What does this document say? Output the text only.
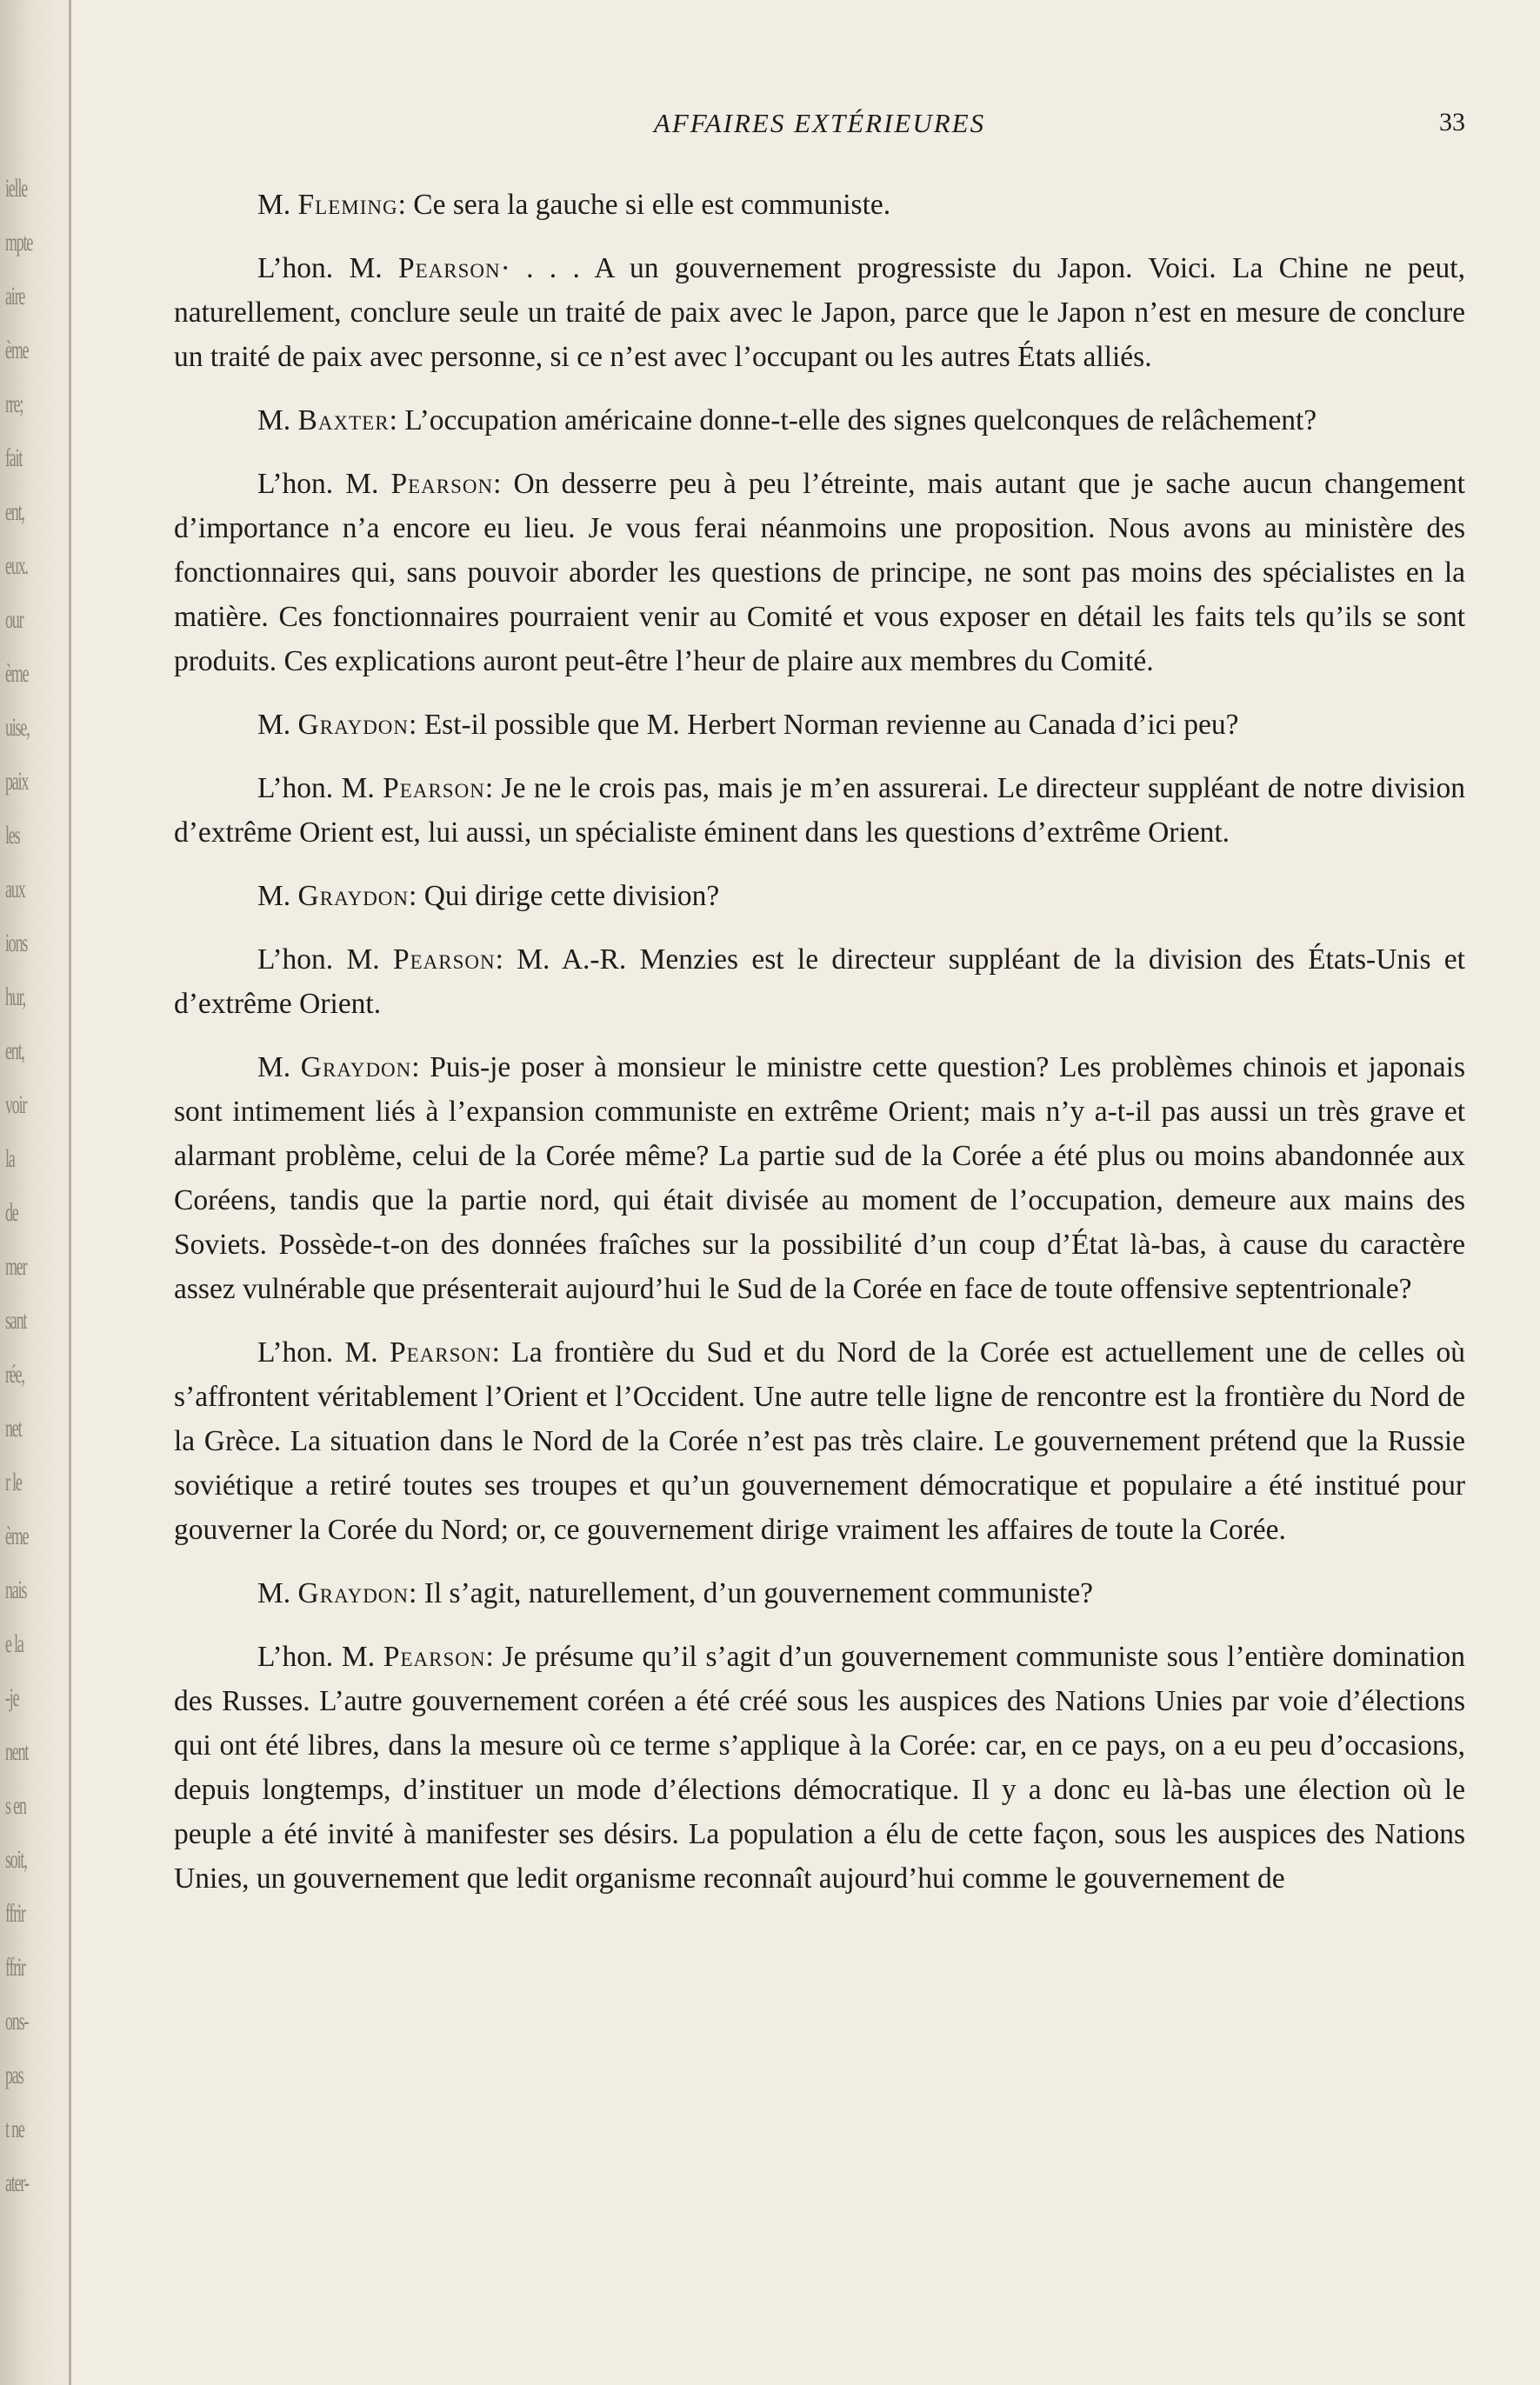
ielle
mpte
aire
ème
rre;
fait
ent,
eux.
our
ème
uise,
paix
les
aux
ions
hur,
ent,
voir
la
de
mer
sant
rée,
net
r le
ème
nais
e la
-je
nent
s en
soit,
ffrir
ffrir
ons-
pas
t ne
ater-
AFFAIRES EXTÉRIEURES	33

M. Fleming: Ce sera la gauche si elle est communiste.

L’hon. M. Pearson· . . . A un gouvernement progressiste du Japon. Voici. La Chine ne peut, naturellement, conclure seule un traité de paix avec le Japon, parce que le Japon n’est en mesure de conclure un traité de paix avec personne, si ce n’est avec l’occupant ou les autres États alliés.

M. Baxter: L’occupation américaine donne-t-elle des signes quelconques de relâchement?

L’hon. M. Pearson: On desserre peu à peu l’étreinte, mais autant que je sache aucun changement d’importance n’a encore eu lieu. Je vous ferai néanmoins une proposition. Nous avons au ministère des fonctionnaires qui, sans pouvoir aborder les questions de principe, ne sont pas moins des spécialistes en la matière. Ces fonctionnaires pourraient venir au Comité et vous exposer en détail les faits tels qu’ils se sont produits. Ces explications auront peut-être l’heur de plaire aux membres du Comité.

M. Graydon: Est-il possible que M. Herbert Norman revienne au Canada d’ici peu?

L’hon. M. Pearson: Je ne le crois pas, mais je m’en assurerai. Le directeur suppléant de notre division d’extrême Orient est, lui aussi, un spécialiste éminent dans les questions d’extrême Orient.

M. Graydon: Qui dirige cette division?

L’hon. M. Pearson: M. A.-R. Menzies est le directeur suppléant de la division des États-Unis et d’extrême Orient.

M. Graydon: Puis-je poser à monsieur le ministre cette question? Les problèmes chinois et japonais sont intimement liés à l’expansion communiste en extrême Orient; mais n’y a-t-il pas aussi un très grave et alarmant problème, celui de la Corée même? La partie sud de la Corée a été plus ou moins abandonnée aux Coréens, tandis que la partie nord, qui était divisée au moment de l’occupation, demeure aux mains des Soviets. Possède-t-on des données fraîches sur la possibilité d’un coup d’État là-bas, à cause du caractère assez vulnérable que présenterait aujourd’hui le Sud de la Corée en face de toute offensive septentrionale?

L’hon. M. Pearson: La frontière du Sud et du Nord de la Corée est actuellement une de celles où s’affrontent véritablement l’Orient et l’Occident. Une autre telle ligne de rencontre est la frontière du Nord de la Grèce. La situation dans le Nord de la Corée n’est pas très claire. Le gouvernement prétend que la Russie soviétique a retiré toutes ses troupes et qu’un gouvernement démocratique et populaire a été institué pour gouverner la Corée du Nord; or, ce gouvernement dirige vraiment les affaires de toute la Corée.

M. Graydon: Il s’agit, naturellement, d’un gouvernement communiste?

L’hon. M. Pearson: Je présume qu’il s’agit d’un gouvernement communiste sous l’entière domination des Russes. L’autre gouvernement coréen a été créé sous les auspices des Nations Unies par voie d’élections qui ont été libres, dans la mesure où ce terme s’applique à la Corée: car, en ce pays, on a eu peu d’occasions, depuis longtemps, d’instituer un mode d’élections démocratique. Il y a donc eu là-bas une élection où le peuple a été invité à manifester ses désirs. La population a élu de cette façon, sous les auspices des Nations Unies, un gouvernement que ledit organisme reconnaît aujourd’hui comme le gouvernement de
